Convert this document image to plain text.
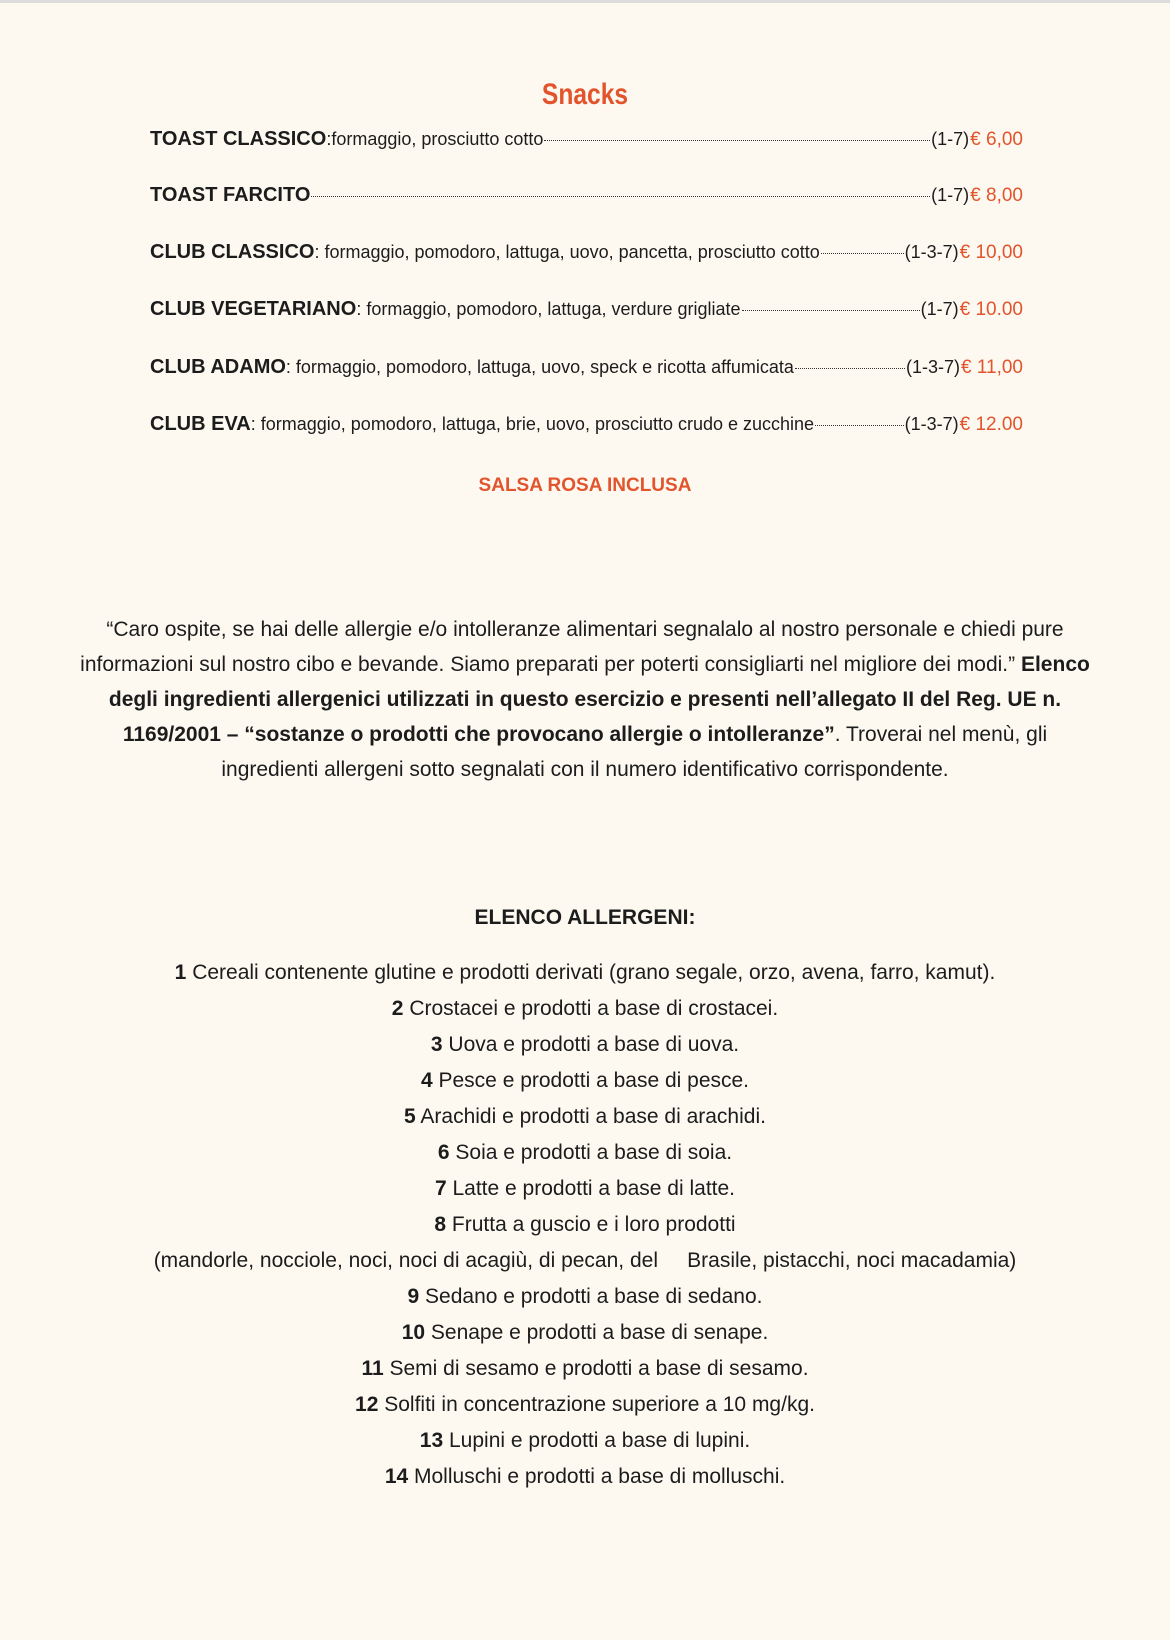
Snacks
TOAST CLASSICO :formaggio, prosciutto cotto	(1-7) € 6,00
TOAST FARCITO	(1-7) € 8,00
CLUB CLASSICO : formaggio, pomodoro, lattuga, uovo, pancetta, prosciutto cotto	(1-3-7) € 10,00
CLUB VEGETARIANO : formaggio, pomodoro, lattuga, verdure grigliate	(1-7) € 10.00
CLUB ADAMO : formaggio, pomodoro, lattuga, uovo, speck e ricotta affumicata	(1-3-7) € 11,00
CLUB EVA : formaggio, pomodoro, lattuga, brie, uovo, prosciutto crudo e zucchine	(1-3-7) € 12.00
SALSA ROSA INCLUSA
“Caro ospite, se hai delle allergie e/o intolleranze alimentari segnalalo al nostro personale e chiedi pure informazioni sul nostro cibo e bevande. Siamo preparati per poterti consigliarti nel migliore dei modi.” Elenco degli ingredienti allergenici utilizzati in questo esercizio e presenti nell’allegato II del Reg. UE n. 1169/2001 – “sostanze o prodotti che provocano allergie o intolleranze”. Troverai nel menù, gli ingredienti allergeni sotto segnalati con il numero identificativo corrispondente.
ELENCO ALLERGENI:
1 Cereali contenente glutine e prodotti derivati (grano segale, orzo, avena, farro, kamut).
2 Crostacei e prodotti a base di crostacei.
3 Uova e prodotti a base di uova.
4 Pesce e prodotti a base di pesce.
5 Arachidi e prodotti a base di arachidi.
6 Soia e prodotti a base di soia.
7 Latte e prodotti a base di latte.
8 Frutta a guscio e i loro prodotti
(mandorle, nocciole, noci, noci di acagiù, di pecan, del     Brasile, pistacchi, noci macadamia)
9 Sedano e prodotti a base di sedano.
10 Senape e prodotti a base di senape.
11 Semi di sesamo e prodotti a base di sesamo.
12 Solfiti in concentrazione superiore a 10 mg/kg.
13 Lupini e prodotti a base di lupini.
14 Molluschi e prodotti a base di molluschi.
